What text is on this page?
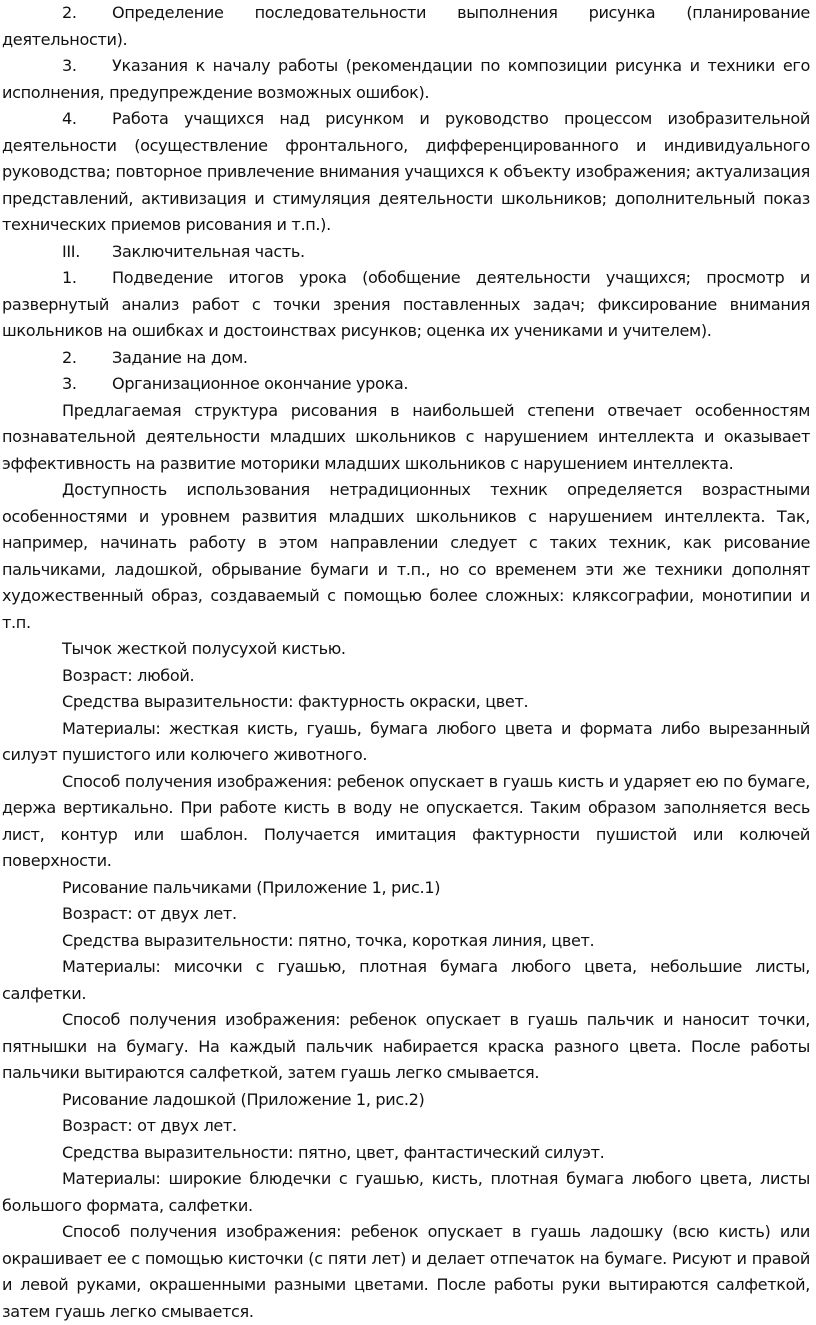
2. Определение последовательности выполнения рисунка (планирование деятельности).

3. Указания к началу работы (рекомендации по композиции рисунка и техники его исполнения, предупреждение возможных ошибок).

4. Работа учащихся над рисунком и руководство процессом изобразительной деятельности (осуществление фронтального, дифференцированного и индивидуального руководства; повторное привлечение внимания учащихся к объекту изображения; актуализация представлений, активизация и стимуляция деятельности школьников; дополнительный показ технических приемов рисования и т.п.).

III. Заключительная часть.

1. Подведение итогов урока (обобщение деятельности учащихся; просмотр и развернутый анализ работ с точки зрения поставленных задач; фиксирование внимания школьников на ошибках и достоинствах рисунков; оценка их учениками и учителем).

2. Задание на дом.

3. Организационное окончание урока.

Предлагаемая структура рисования в наибольшей степени отвечает особенностям познавательной деятельности младших школьников с нарушением интеллекта и оказывает эффективность на развитие моторики младших школьников с нарушением интеллекта.

Доступность использования нетрадиционных техник определяется возрастными особенностями и уровнем развития младших школьников с нарушением интеллекта. Так, например, начинать работу в этом направлении следует с таких техник, как рисование пальчиками, ладошкой, обрывание бумаги и т.п., но со временем эти же техники дополнят художественный образ, создаваемый с помощью более сложных: кляксографии, монотипии и т.п.

Тычок жесткой полусухой кистью.

Возраст: любой.

Средства выразительности: фактурность окраски, цвет.

Материалы: жесткая кисть, гуашь, бумага любого цвета и формата либо вырезанный силуэт пушистого или колючего животного.

Способ получения изображения: ребенок опускает в гуашь кисть и ударяет ею по бумаге, держа вертикально. При работе кисть в воду не опускается. Таким образом заполняется весь лист, контур или шаблон. Получается имитация фактурности пушистой или колючей поверхности.

Рисование пальчиками (Приложение 1, рис.1)

Возраст: от двух лет.

Средства выразительности: пятно, точка, короткая линия, цвет.

Материалы: мисочки с гуашью, плотная бумага любого цвета, небольшие листы, салфетки.

Способ получения изображения: ребенок опускает в гуашь пальчик и наносит точки, пятнышки на бумагу. На каждый пальчик набирается краска разного цвета. После работы пальчики вытираются салфеткой, затем гуашь легко смывается.

Рисование ладошкой (Приложение 1, рис.2)

Возраст: от двух лет.

Средства выразительности: пятно, цвет, фантастический силуэт.

Материалы: широкие блюдечки с гуашью, кисть, плотная бумага любого цвета, листы большого формата, салфетки.

Способ получения изображения: ребенок опускает в гуашь ладошку (всю кисть) или окрашивает ее с помощью кисточки (с пяти лет) и делает отпечаток на бумаге. Рисуют и правой и левой руками, окрашенными разными цветами. После работы руки вытираются салфеткой, затем гуашь легко смывается.
